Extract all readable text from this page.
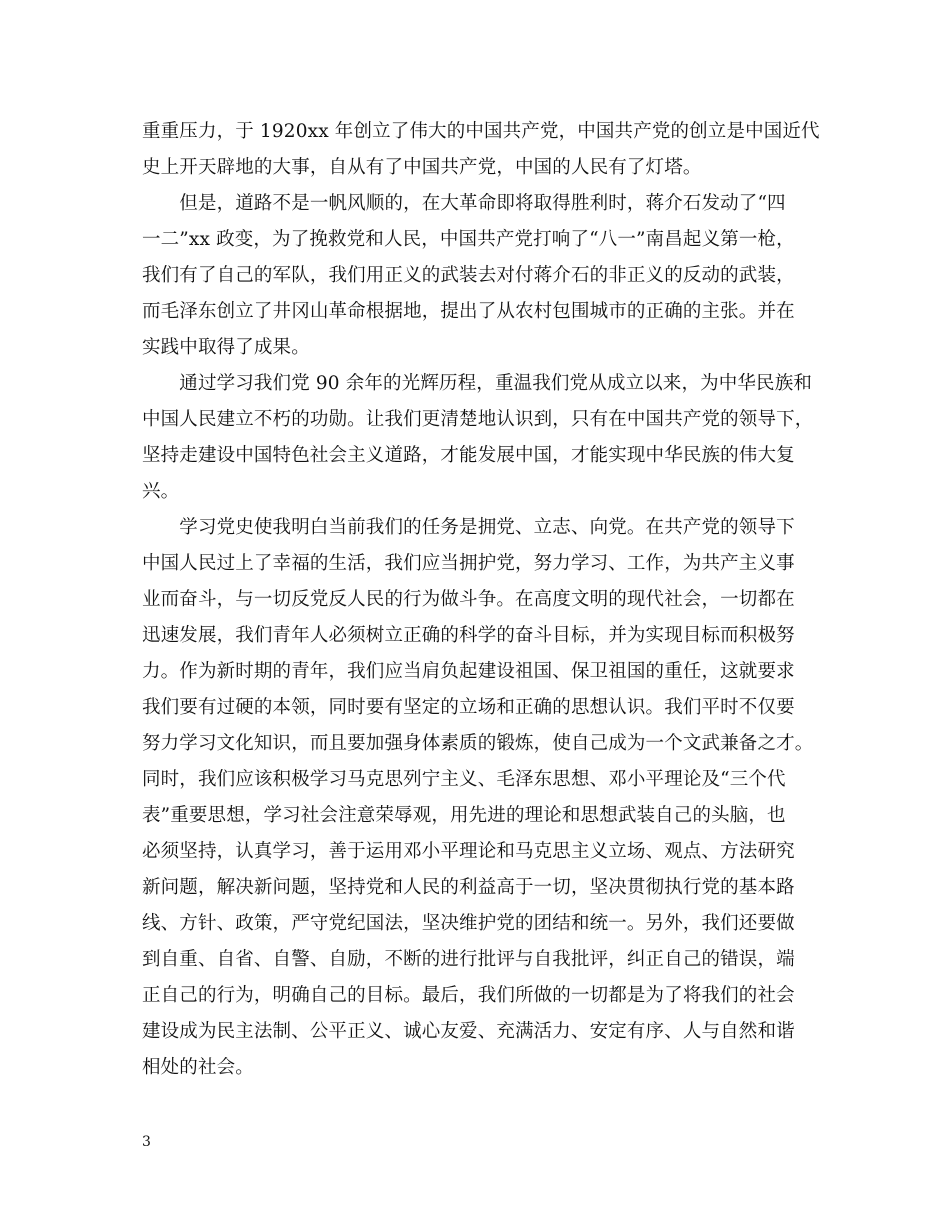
重重压力，于 1920xx 年创立了伟大的中国共产党，中国共产党的创立是中国近代
史上开天辟地的大事，自从有了中国共产党，中国的人民有了灯塔。
　　但是，道路不是一帆风顺的，在大革命即将取得胜利时，蒋介石发动了“四
一二”xx 政变，为了挽救党和人民，中国共产党打响了“八一”南昌起义第一枪，
我们有了自己的军队，我们用正义的武装去对付蒋介石的非正义的反动的武装，
而毛泽东创立了井冈山革命根据地，提出了从农村包围城市的正确的主张。并在
实践中取得了成果。
　　通过学习我们党 90 余年的光辉历程，重温我们党从成立以来，为中华民族和
中国人民建立不朽的功勋。让我们更清楚地认识到，只有在中国共产党的领导下，
坚持走建设中国特色社会主义道路，才能发展中国，才能实现中华民族的伟大复
兴。
　　学习党史使我明白当前我们的任务是拥党、立志、向党。在共产党的领导下
中国人民过上了幸福的生活，我们应当拥护党，努力学习、工作，为共产主义事
业而奋斗，与一切反党反人民的行为做斗争。在高度文明的现代社会，一切都在
迅速发展，我们青年人必须树立正确的科学的奋斗目标，并为实现目标而积极努
力。作为新时期的青年，我们应当肩负起建设祖国、保卫祖国的重任，这就要求
我们要有过硬的本领，同时要有坚定的立场和正确的思想认识。我们平时不仅要
努力学习文化知识，而且要加强身体素质的锻炼，使自己成为一个文武兼备之才。
同时，我们应该积极学习马克思列宁主义、毛泽东思想、邓小平理论及“三个代
表”重要思想，学习社会注意荣辱观，用先进的理论和思想武装自己的头脑，也
必须坚持，认真学习，善于运用邓小平理论和马克思主义立场、观点、方法研究
新问题，解决新问题，坚持党和人民的利益高于一切，坚决贯彻执行党的基本路
线、方针、政策，严守党纪国法，坚决维护党的团结和统一。另外，我们还要做
到自重、自省、自警、自励，不断的进行批评与自我批评，纠正自己的错误，端
正自己的行为，明确自己的目标。最后，我们所做的一切都是为了将我们的社会
建设成为民主法制、公平正义、诚心友爱、充满活力、安定有序、人与自然和谐
相处的社会。
3
